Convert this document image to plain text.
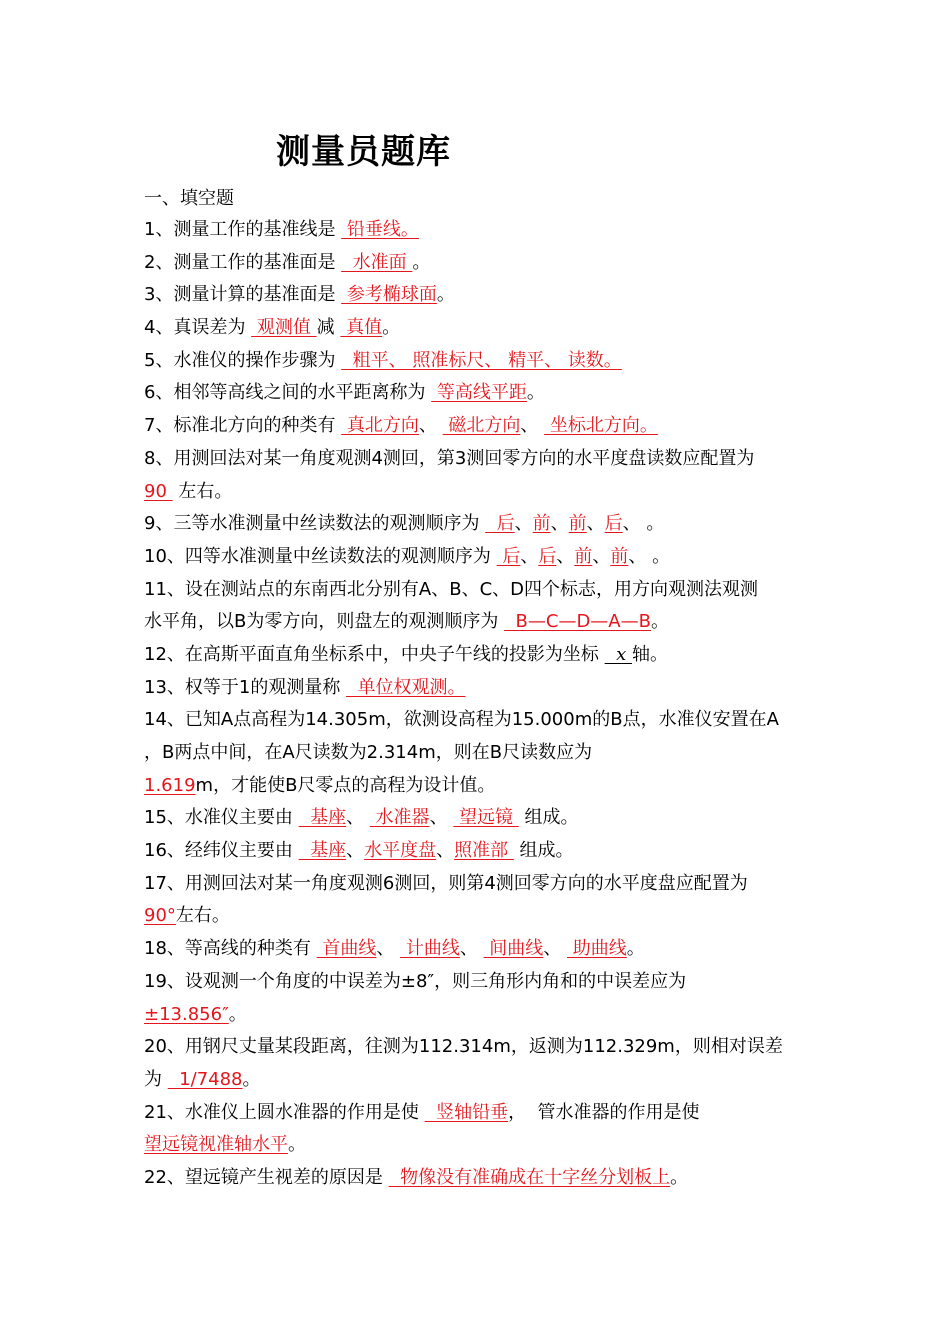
测量员题库
一、填空题
1、测量工作的基准线是  铅垂线。
2、测量工作的基准面是   水准面 。
3、测量计算的基准面是  参考椭球面。
4、真误差为  观测值 减  真值。
5、水准仪的操作步骤为   粗平、 照准标尺、 精平、 读数。
6、相邻等高线之间的水平距离称为  等高线平距。
7、标准北方向的种类有  真北方向、  磁北方向、  坐标北方向。
8、用测回法对某一角度观测4测回，第3测回零方向的水平度盘读数应配置为
90  左右。
9、三等水准测量中丝读数法的观测顺序为   后、前、前、后、 。
10、四等水准测量中丝读数法的观测顺序为  后、后、前、前、 。
11、设在测站点的东南西北分别有A、B、C、D四个标志，用方向观测法观测
水平角，以B为零方向，则盘左的观测顺序为   B—C—D—A—B。
12、在高斯平面直角坐标系中，中央子午线的投影为坐标   x 轴。
13、权等于1的观测量称   单位权观测。
14、已知A点高程为14.305m，欲测设高程为15.000m的B点，水准仪安置在A
，B两点中间，在A尺读数为2.314m，则在B尺读数应为
1.619m，才能使B尺零点的高程为设计值。
15、水准仪主要由   基座、  水准器、  望远镜  组成。
16、经纬仪主要由   基座、水平度盘、照准部  组成。
17、用测回法对某一角度观测6测回，则第4测回零方向的水平度盘应配置为
90°左右。
18、等高线的种类有  首曲线、  计曲线、  间曲线、  助曲线。
19、设观测一个角度的中误差为±8″，则三角形内角和的中误差应为
±13.856″。
20、用钢尺丈量某段距离，往测为112.314m，返测为112.329m，则相对误差
为   1/7488。
21、水准仪上圆水准器的作用是使   竖轴铅垂，  管水准器的作用是使
望远镜视准轴水平。
22、望远镜产生视差的原因是   物像没有准确成在十字丝分划板上。
